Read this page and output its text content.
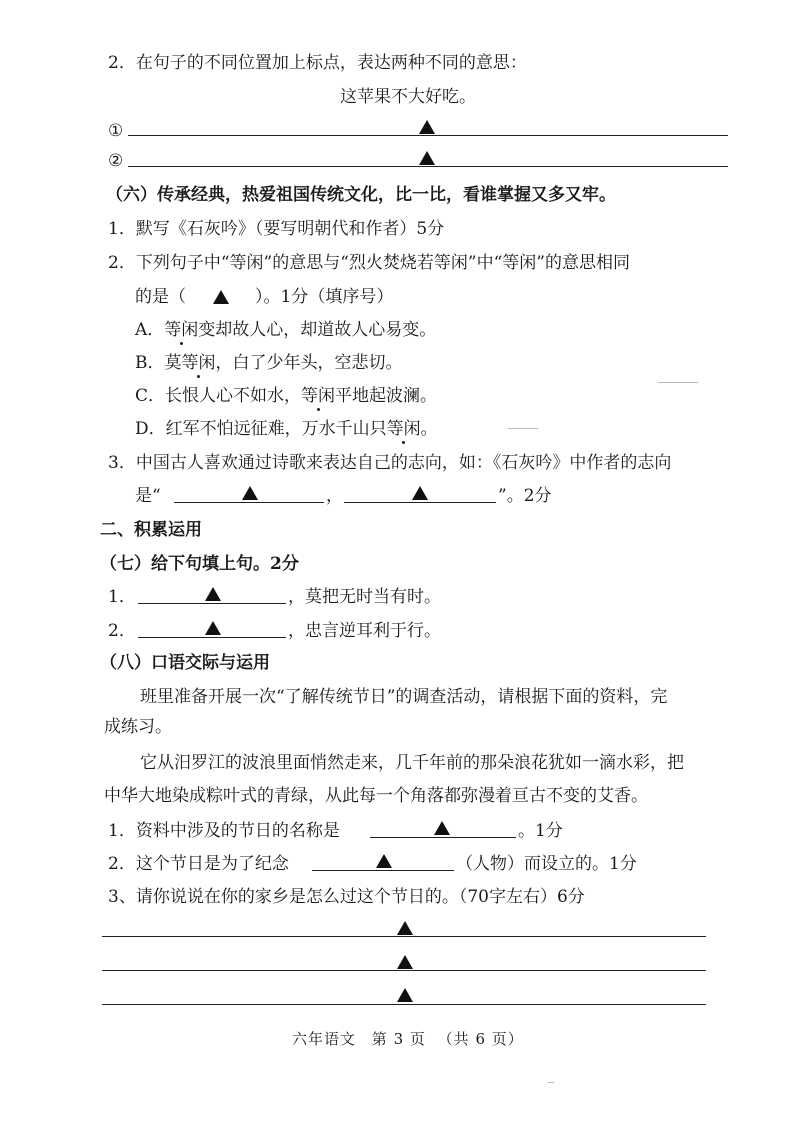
2．在句子的不同位置加上标点，表达两种不同的意思：
这苹果不大好吃。
①
②
（六）传承经典，热爱祖国传统文化，比一比，看谁掌握又多又牢。
1．默写《石灰吟》（要写明朝代和作者）5分
2．下列句子中“等闲”的意思与“烈火焚烧若等闲”中“等闲”的意思相同
的是（	）。1分（填序号）
A．等闲变却故人心，却道故人心易变。
B．莫等闲，白了少年头，空悲切。
C．长恨人心不如水，等闲平地起波澜。
D．红军不怕远征难，万水千山只等闲。
3．中国古人喜欢通过诗歌来表达自己的志向，如：《石灰吟》中作者的志向
是“	，	”。2分
二、积累运用
（七）给下句填上句。2分
1．	，莫把无时当有时。
2．	，忠言逆耳利于行。
（八）口语交际与运用
班里准备开展一次“了解传统节日”的调查活动，请根据下面的资料，完
成练习。
它从汨罗江的波浪里面悄然走来，几千年前的那朵浪花犹如一滴水彩，把
中华大地染成粽叶式的青绿，从此每一个角落都弥漫着亘古不变的艾香。
1．资料中涉及的节日的名称是	。1分
2．这个节日是为了纪念	（人物）而设立的。1分
3、请你说说在你的家乡是怎么过这个节日的。（70字左右）6分
六年语文 第 3 页 （共 6 页）
